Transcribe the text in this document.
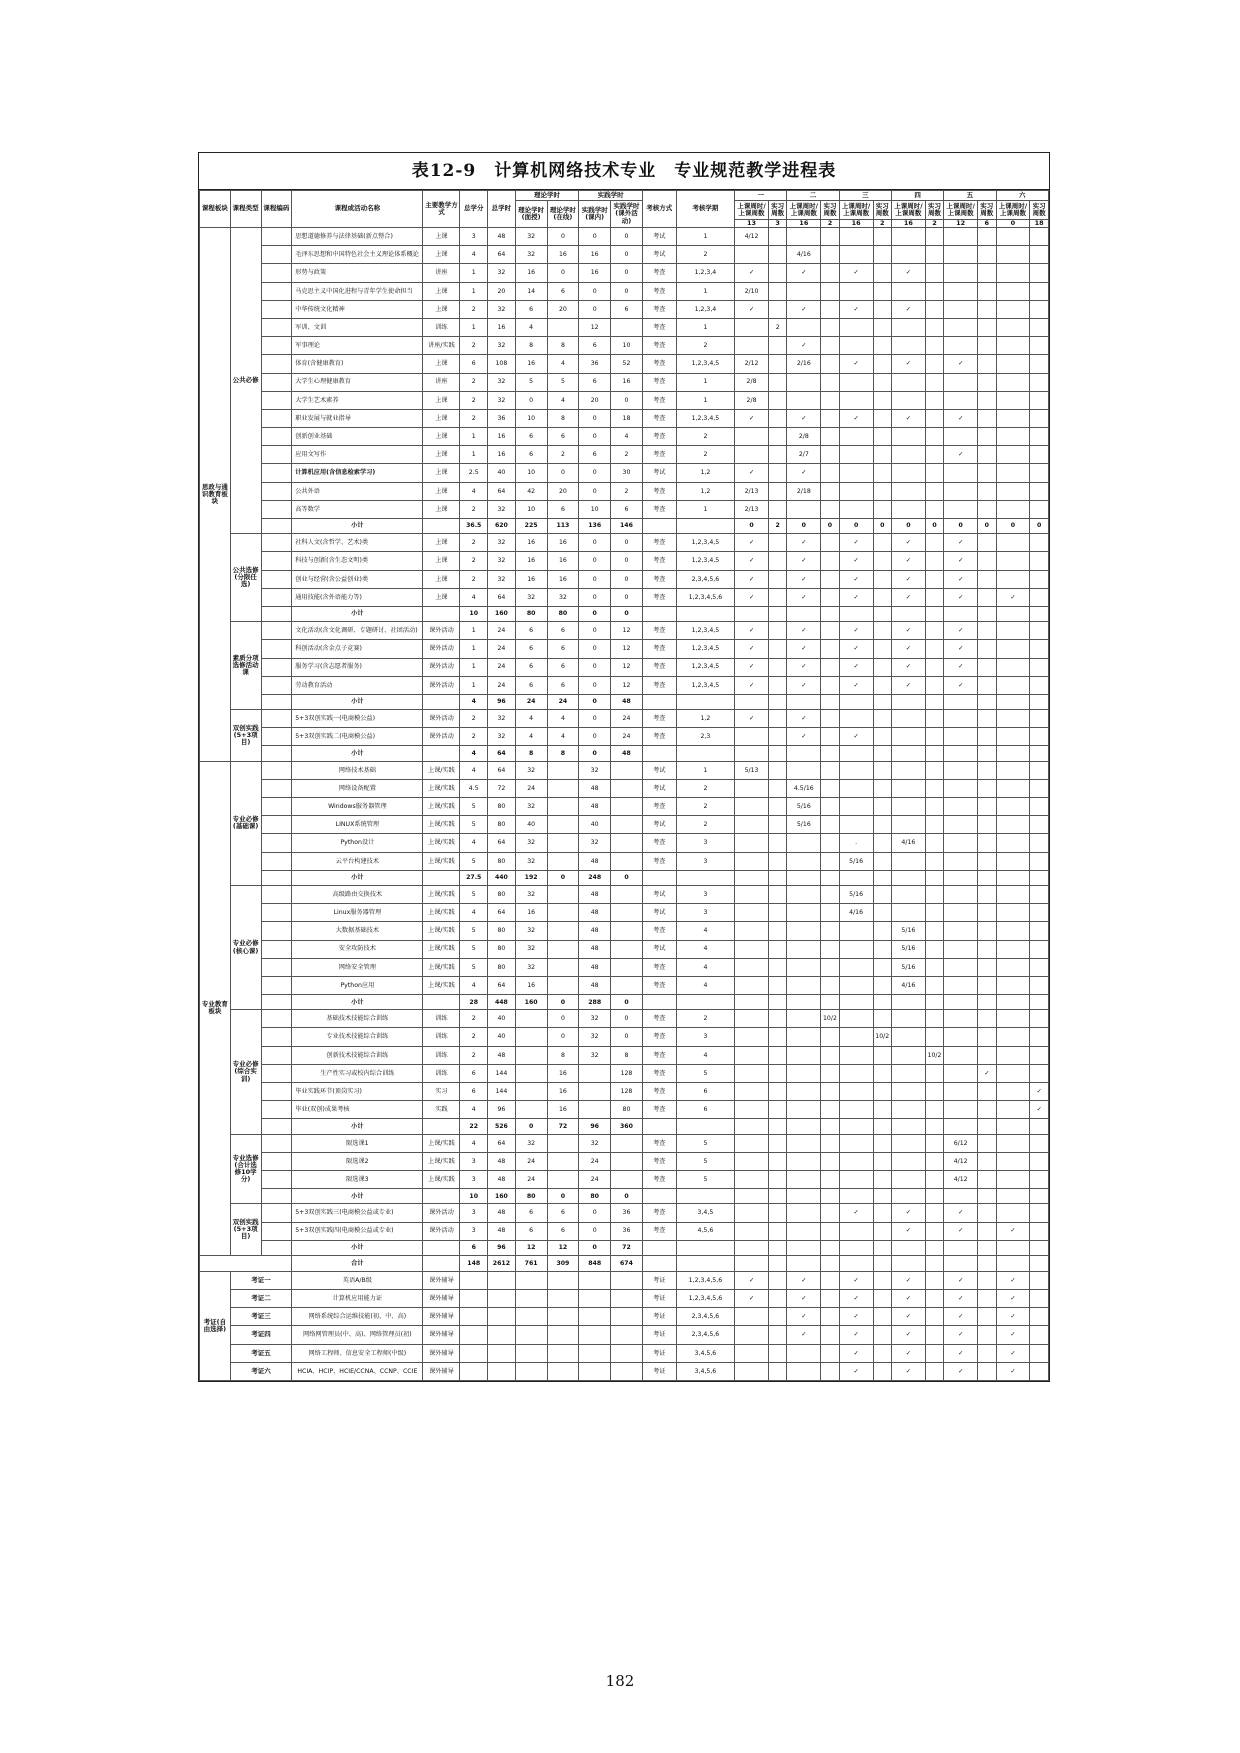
表12-9　计算机网络技术专业　专业规范教学进程表
课程板块	课程类型	课程编码	课程或活动名称	主要教学方式	总学分	总学时	理论学时		实践学时		考核方式	考核学期	一		二		三		四		五		六	
							理论学时(面授)	理论学时(在线)	实践学时(课内)	实践学时(课外活动)			上课周时/上课周数	实习周数	上课周时/上课周数	实习周数	上课周时/上课周数	实习周数	上课周时/上课周数	实习周数	上课周时/上课周数	实习周数	上课周时/上课周数	实习周数
													13	3	16	2	16	2	16	2	12	6	0	18
思政与通识教育板块	公共必修		思想道德修养与法律基础(新点整合)	上课	3	48	32	0	0	0	考试	1	4/12											
			毛泽东思想和中国特色社会主义理论体系概论	上课	4	64	32	16	16	0	考试	2			4/16									
			形势与政策	讲座	1	32	16	0	16	0	考查	1,2,3,4	✓		✓		✓		✓					
			马克思主义中国化进程与青年学生使命担当	上课	1	20	14	6	0	0	考查	1	2/10											
			中华传统文化精神	上课	2	32	6	20	0	6	考查	1,2,3,4	✓		✓		✓		✓					
			军训、文训	训练	1	16	4		12		考查	1		2										
			军事理论	讲座/实践	2	32	8	8	6	10	考查	2			✓									
			体育(含健康教育)	上课	6	108	16	4	36	52	考查	1,2,3,4,5	2/12		2/16		✓		✓		✓			
			大学生心理健康教育	讲座	2	32	5	5	6	16	考查	1	2/8											
			大学生艺术素养	上课	2	32	0	4	20	0	考查	1	2/8											
			职业发展与就业指导	上课	2	36	10	8	0	18	考查	1,2,3,4,5	✓		✓		✓		✓		✓			
			创新创业基础	上课	1	16	6	6	0	4	考查	2			2/8									
			应用文写作	上课	1	16	6	2	6	2	考查	2			2/7						✓			
			计算机应用(含信息检索学习)	上课	2.5	40	10	0	0	30	考试	1,2	✓		✓									
			公共外语	上课	4	64	42	20	0	2	考查	1,2	2/13		2/18									
			高等数学	上课	2	32	10	6	10	6	考查	1	2/13											
			小计		36.5	620	225	113	136	146			0	2	0	0	0	0	0	0	0	0	0	0
	公共选修(分限任选)		社科人文(含哲学、艺术)类	上课	2	32	16	16	0	0	考查	1,2,3,4,5	✓		✓		✓		✓		✓			
			科技与创新(含生态文明)类	上课	2	32	16	16	0	0	考查	1,2,3,4,5	✓		✓		✓		✓		✓			
			创业与经营(含公益创业)类	上课	2	32	16	16	0	0	考查	2,3,4,5,6	✓		✓		✓		✓		✓			
			通用技能(含外语能力等)	上课	4	64	32	32	0	0	考查	1,2,3,4,5,6	✓		✓		✓		✓		✓		✓	
			小计		10	160	80	80	0	0														
	素质分项选修活动课		文化活动(含文化调研、专题研讨、社团活动)	课外活动	1	24	6	6	0	12	考查	1,2,3,4,5	✓		✓		✓		✓		✓			
			科创活动(含金点子竞赛)	课外活动	1	24	6	6	0	12	考查	1,2,3,4,5	✓		✓		✓		✓		✓			
			服务学习(含志愿者服务)	课外活动	1	24	6	6	0	12	考查	1,2,3,4,5	✓		✓		✓		✓		✓			
			劳动教育活动	课外活动	1	24	6	6	0	12	考查	1,2,3,4,5	✓		✓		✓		✓		✓			
			小计		4	96	24	24	0	48														
	双创实践(5+3项目)		5+3双创实践一(电商模公益)	课外活动	2	32	4	4	0	24	考查	1,2	✓		✓									
			5+3双创实践二(电商模公益)	课外活动	2	32	4	4	0	24	考查	2,3			✓		✓							
			小计		4	64	8	8	0	48														
专业教育板块	专业必修(基础课)		网络技术基础	上课/实践	4	64	32		32		考试	1	5/13											
			网络设备配置	上课/实践	4.5	72	24		48		考试	2			4.5/16									
			Windows服务器管理	上课/实践	5	80	32		48		考查	2			5/16									
			LINUX系统管理	上课/实践	5	80	40		40		考试	2			5/16									
			Python设计	上课/实践	4	64	32		32		考查	3					.		4/16					
			云平台构建技术	上课/实践	5	80	32		48		考查	3					5/16							
			小计		27.5	440	192	0	248	0														
	专业必修(核心课)		高级路由交换技术	上课/实践	5	80	32		48		考试	3					5/16							
			Linux服务器管理	上课/实践	4	64	16		48		考试	3					4/16							
			大数据基础技术	上课/实践	5	80	32		48		考查	4							5/16					
			安全攻防技术	上课/实践	5	80	32		48		考试	4							5/16					
			网络安全管理	上课/实践	5	80	32		48		考查	4							5/16					
			Python应用	上课/实践	4	64	16		48		考查	4							4/16					
			小计		28	448	160	0	288	0														
	专业必修(综合实训)		基础技术技能综合训练	训练	2	40		0	32	0	考查	2				10/2								
			专业技术技能综合训练	训练	2	40		0	32	0	考查	3						10/2						
			创新技术技能综合训练	训练	2	48		8	32	8	考查	4								10/2				
			生产性实习或校内综合训练	训练	6	144		16		128	考查	5										✓		
			毕业实践环节(顶岗实习)	实习	6	144		16		128	考查	6												✓
			毕业(双创)成果考核	实践	4	96		16		80	考查	6												✓
			小计		22	526	0	72	96	360														
	专业选修(合计选修10学分)		限选课1	上课/实践	4	64	32		32		考查	5									6/12			
			限选课2	上课/实践	3	48	24		24		考查	5									4/12			
			限选课3	上课/实践	3	48	24		24		考查	5									4/12			
			小计		10	160	80	0	80	0														
	双创实践(5+3项目)		5+3双创实践三(电商模公益或专业)	课外活动	3	48	6	6	0	36	考查	3,4,5					✓		✓		✓			
			5+3双创实践四(电商模公益或专业)	课外活动	3	48	6	6	0	36	考查	4,5,6							✓		✓		✓	
			小计		6	96	12	12	0	72														
			合计		148	2612	761	309	848	674														
考证(自由选择)	考证一		英语A/B级	课外辅导							考证	1,2,3,4,5,6	✓		✓		✓		✓		✓		✓	
	考证二		计算机应用能力证	课外辅导							考证	1,2,3,4,5,6	✓		✓		✓		✓		✓		✓	
	考证三		网络系统综合运维技能(初、中、高)	课外辅导							考证	2,3,4,5,6			✓		✓		✓		✓		✓	
	考证四		网络网管理员(中、高)、网络管理员(初)	课外辅导							考证	2,3,4,5,6			✓		✓		✓		✓		✓	
	考证五		网络工程师、信息安全工程师(中级)	课外辅导							考证	3,4,5,6					✓		✓		✓		✓	
	考证六		HCIA、HCIP、HCIE/CCNA、CCNP、CCIE	课外辅导							考证	3,4,5,6					✓		✓		✓		✓	
182
